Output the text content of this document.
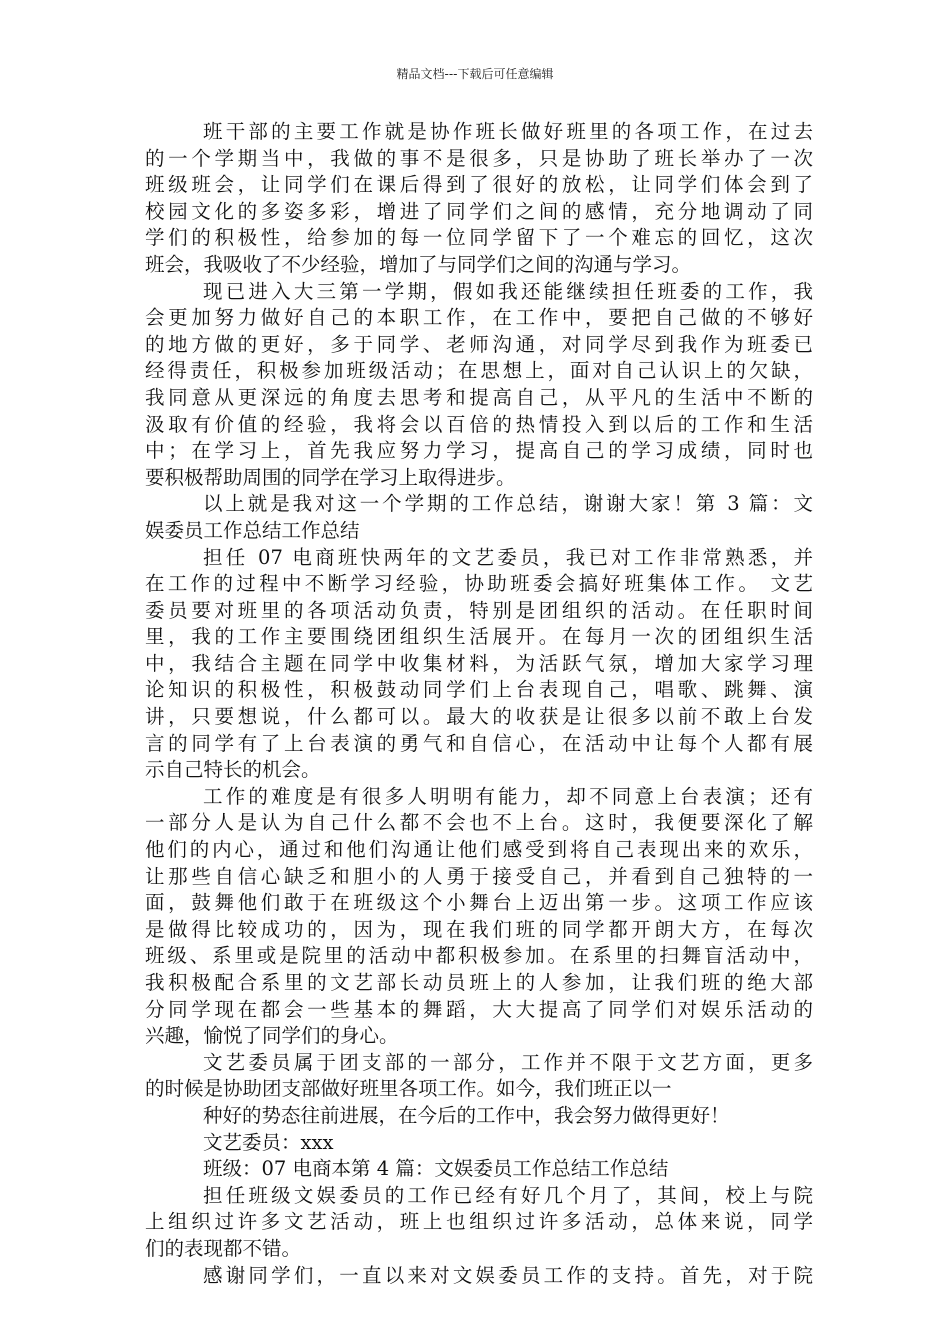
精品文档---下载后可任意编辑
班干部的主要工作就是协作班长做好班里的各项工作，在过去
的一个学期当中，我做的事不是很多，只是协助了班长举办了一次
班级班会，让同学们在课后得到了很好的放松，让同学们体会到了
校园文化的多姿多彩，增进了同学们之间的感情，充分地调动了同
学们的积极性，给参加的每一位同学留下了一个难忘的回忆，这次
班会，我吸收了不少经验，增加了与同学们之间的沟通与学习。
现已进入大三第一学期，假如我还能继续担任班委的工作，我
会更加努力做好自己的本职工作，在工作中，要把自己做的不够好
的地方做的更好，多于同学、老师沟通，对同学尽到我作为班委已
经得责任，积极参加班级活动；在思想上，面对自己认识上的欠缺，
我同意从更深远的角度去思考和提高自己，从平凡的生活中不断的
汲取有价值的经验，我将会以百倍的热情投入到以后的工作和生活
中；在学习上，首先我应努力学习，提高自己的学习成绩，同时也
要积极帮助周围的同学在学习上取得进步。
以上就是我对这一个学期的工作总结，谢谢大家！第 3 篇：文
娱委员工作总结工作总结
担任 07 电商班快两年的文艺委员，我已对工作非常熟悉，并
在工作的过程中不断学习经验，协助班委会搞好班集体工作。 文艺
委员要对班里的各项活动负责，特别是团组织的活动。在任职时间
里，我的工作主要围绕团组织生活展开。在每月一次的团组织生活
中，我结合主题在同学中收集材料，为活跃气氛，增加大家学习理
论知识的积极性，积极鼓动同学们上台表现自己，唱歌、跳舞、演
讲，只要想说，什么都可以。最大的收获是让很多以前不敢上台发
言的同学有了上台表演的勇气和自信心，在活动中让每个人都有展
示自己特长的机会。
工作的难度是有很多人明明有能力，却不同意上台表演；还有
一部分人是认为自己什么都不会也不上台。这时，我便要深化了解
他们的内心，通过和他们沟通让他们感受到将自己表现出来的欢乐，
让那些自信心缺乏和胆小的人勇于接受自己，并看到自己独特的一
面，鼓舞他们敢于在班级这个小舞台上迈出第一步。这项工作应该
是做得比较成功的，因为，现在我们班的同学都开朗大方，在每次
班级、系里或是院里的活动中都积极参加。在系里的扫舞盲活动中，
我积极配合系里的文艺部长动员班上的人参加，让我们班的绝大部
分同学现在都会一些基本的舞蹈，大大提高了同学们对娱乐活动的
兴趣，愉悦了同学们的身心。
文艺委员属于团支部的一部分，工作并不限于文艺方面，更多
的时候是协助团支部做好班里各项工作。如今，我们班正以一
种好的势态往前进展，在今后的工作中，我会努力做得更好！
文艺委员：xxx
班级：07 电商本第 4 篇：文娱委员工作总结工作总结
担任班级文娱委员的工作已经有好几个月了，其间，校上与院
上组织过许多文艺活动，班上也组织过许多活动，总体来说，同学
们的表现都不错。
感谢同学们，一直以来对文娱委员工作的支持。首先，对于院
